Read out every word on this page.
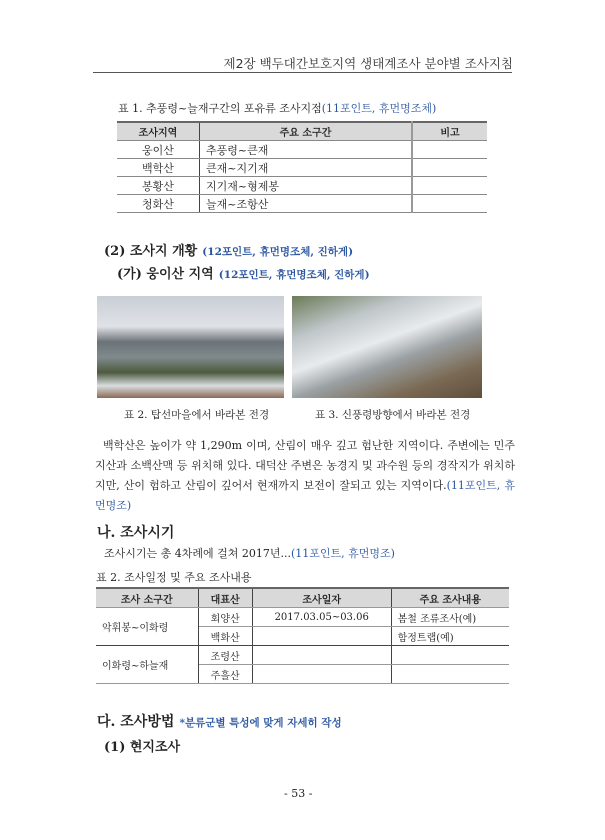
제2장 백두대간보호지역 생태계조사 분야별 조사지침
표 1. 추풍령~늘재구간의 포유류 조사지점(11포인트, 휴먼명조체)
조사지역	주요 소구간	비고
웅이산	추풍령~큰재	
백학산	큰재~지기재	
봉황산	지기재~형제봉	
청화산	늘재~조항산	
(2) 조사지 개황 (12포인트, 휴먼명조체, 진하게)
(가) 웅이산 지역 (12포인트, 휴먼명조체, 진하게)
표 2. 탑선마을에서 바라본 전경	표 3. 신풍령방향에서 바라본 전경
백학산은 높이가 약 1,290m 이며, 산림이 매우 깊고 험난한 지역이다. 주변에는 민주지산과 소백산맥 등 위치해 있다. 대덕산 주변은 농경지 및 과수원 등의 경작지가 위치하지만, 산이 험하고 산림이 깊어서 현재까지 보전이 잘되고 있는 지역이다.(11포인트, 휴먼명조)
나. 조사시기
조사시기는 총 4차례에 걸쳐 2017년...(11포인트, 휴먼명조)
표 2. 조사일정 및 주요 조사내용
조사 소구간	대표산	조사일자	주요 조사내용
악휘봉~이화령	회양산	2017.03.05~03.06	봄철 조류조사(예)
	백화산		함정트랩(예)
이화령~하늘재	조령산		
	주흘산		
다. 조사방법 *분류군별 특성에 맞게 자세히 작성
(1) 현지조사
- 53 -
